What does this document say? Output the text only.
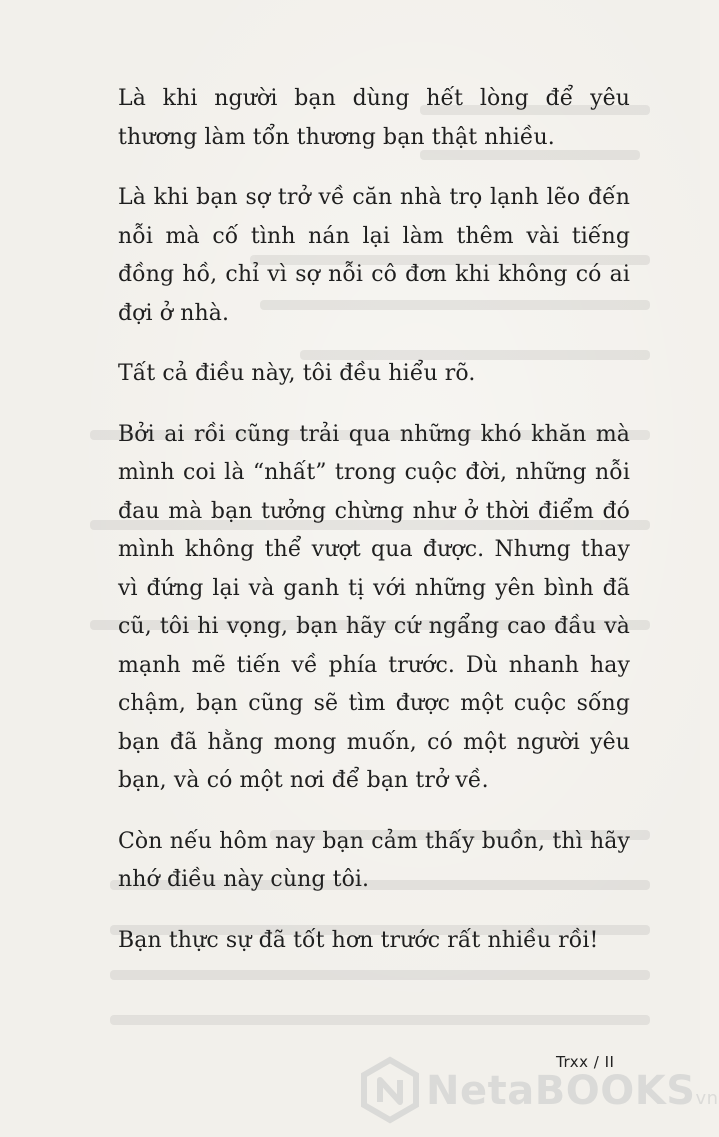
Là khi người bạn dùng hết lòng để yêu thương làm tổn thương bạn thật nhiều.

Là khi bạn sợ trở về căn nhà trọ lạnh lẽo đến nỗi mà cố tình nán lại làm thêm vài tiếng đồng hồ, chỉ vì sợ nỗi cô đơn khi không có ai đợi ở nhà.

Tất cả điều này, tôi đều hiểu rõ.

Bởi ai rồi cũng trải qua những khó khăn mà mình coi là “nhất” trong cuộc đời, những nỗi đau mà bạn tưởng chừng như ở thời điểm đó mình không thể vượt qua được. Nhưng thay vì đứng lại và ganh tị với những yên bình đã cũ, tôi hi vọng, bạn hãy cứ ngẩng cao đầu và mạnh mẽ tiến về phía trước. Dù nhanh hay chậm, bạn cũng sẽ tìm được một cuộc sống bạn đã hằng mong muốn, có một người yêu bạn, và có một nơi để bạn trở về.

Còn nếu hôm nay bạn cảm thấy buồn, thì hãy nhớ điều này cùng tôi.

Bạn thực sự đã tốt hơn trước rất nhiều rồi!

NetaBOOKSvn
Trxx / II
